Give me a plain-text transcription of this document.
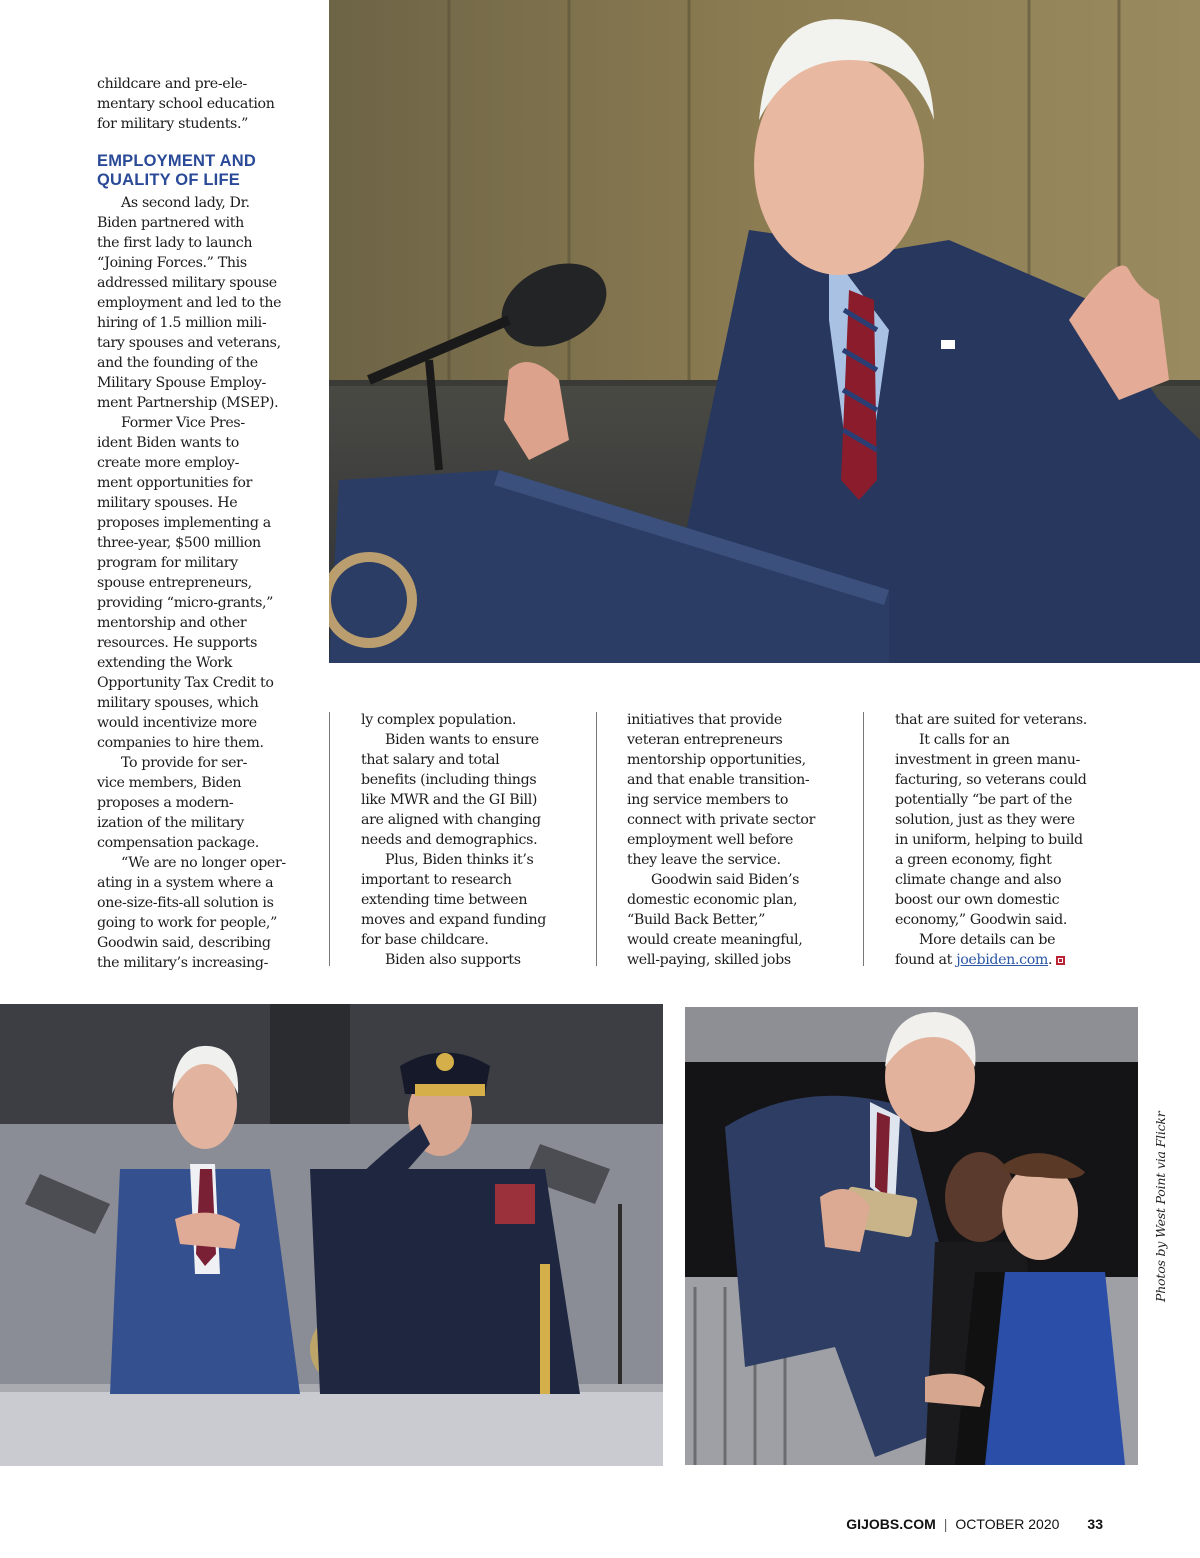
childcare and pre-ele-
mentary school education
for military students.”

EMPLOYMENT AND
QUALITY OF LIFE

As second lady, Dr.
Biden partnered with
the first lady to launch
“Joining Forces.” This
addressed military spouse
employment and led to the
hiring of 1.5 million mili-
tary spouses and veterans,
and the founding of the
Military Spouse Employ-
ment Partnership (MSEP).

Former Vice Pres-
ident Biden wants to
create more employ-
ment opportunities for
military spouses. He
proposes implementing a
three-year, $500 million
program for military
spouse entrepreneurs,
providing “micro-grants,”
mentorship and other
resources. He supports
extending the Work
Opportunity Tax Credit to
military spouses, which
would incentivize more
companies to hire them.

To provide for ser-
vice members, Biden
proposes a modern-
ization of the military
compensation package.

“We are no longer oper-
ating in a system where a
one-size-fits-all solution is
going to work for people,”
Goodwin said, describing
the military’s increasing-

ly complex population.

Biden wants to ensure
that salary and total
benefits (including things
like MWR and the GI Bill)
are aligned with changing
needs and demographics.

Plus, Biden thinks it’s
important to research
extending time between
moves and expand funding
for base childcare.

Biden also supports

initiatives that provide
veteran entrepreneurs
mentorship opportunities,
and that enable transition-
ing service members to
connect with private sector
employment well before
they leave the service.

Goodwin said Biden’s
domestic economic plan,
“Build Back Better,”
would create meaningful,
well-paying, skilled jobs

that are suited for veterans.

It calls for an
investment in green manu-
facturing, so veterans could
potentially “be part of the
solution, just as they were
in uniform, helping to build
a green economy, fight
climate change and also
boost our own domestic
economy,” Goodwin said.

More details can be
found at joebiden.com.

Photos by West Point via Flickr
GIJOBS.COM | OCTOBER 2020 33
